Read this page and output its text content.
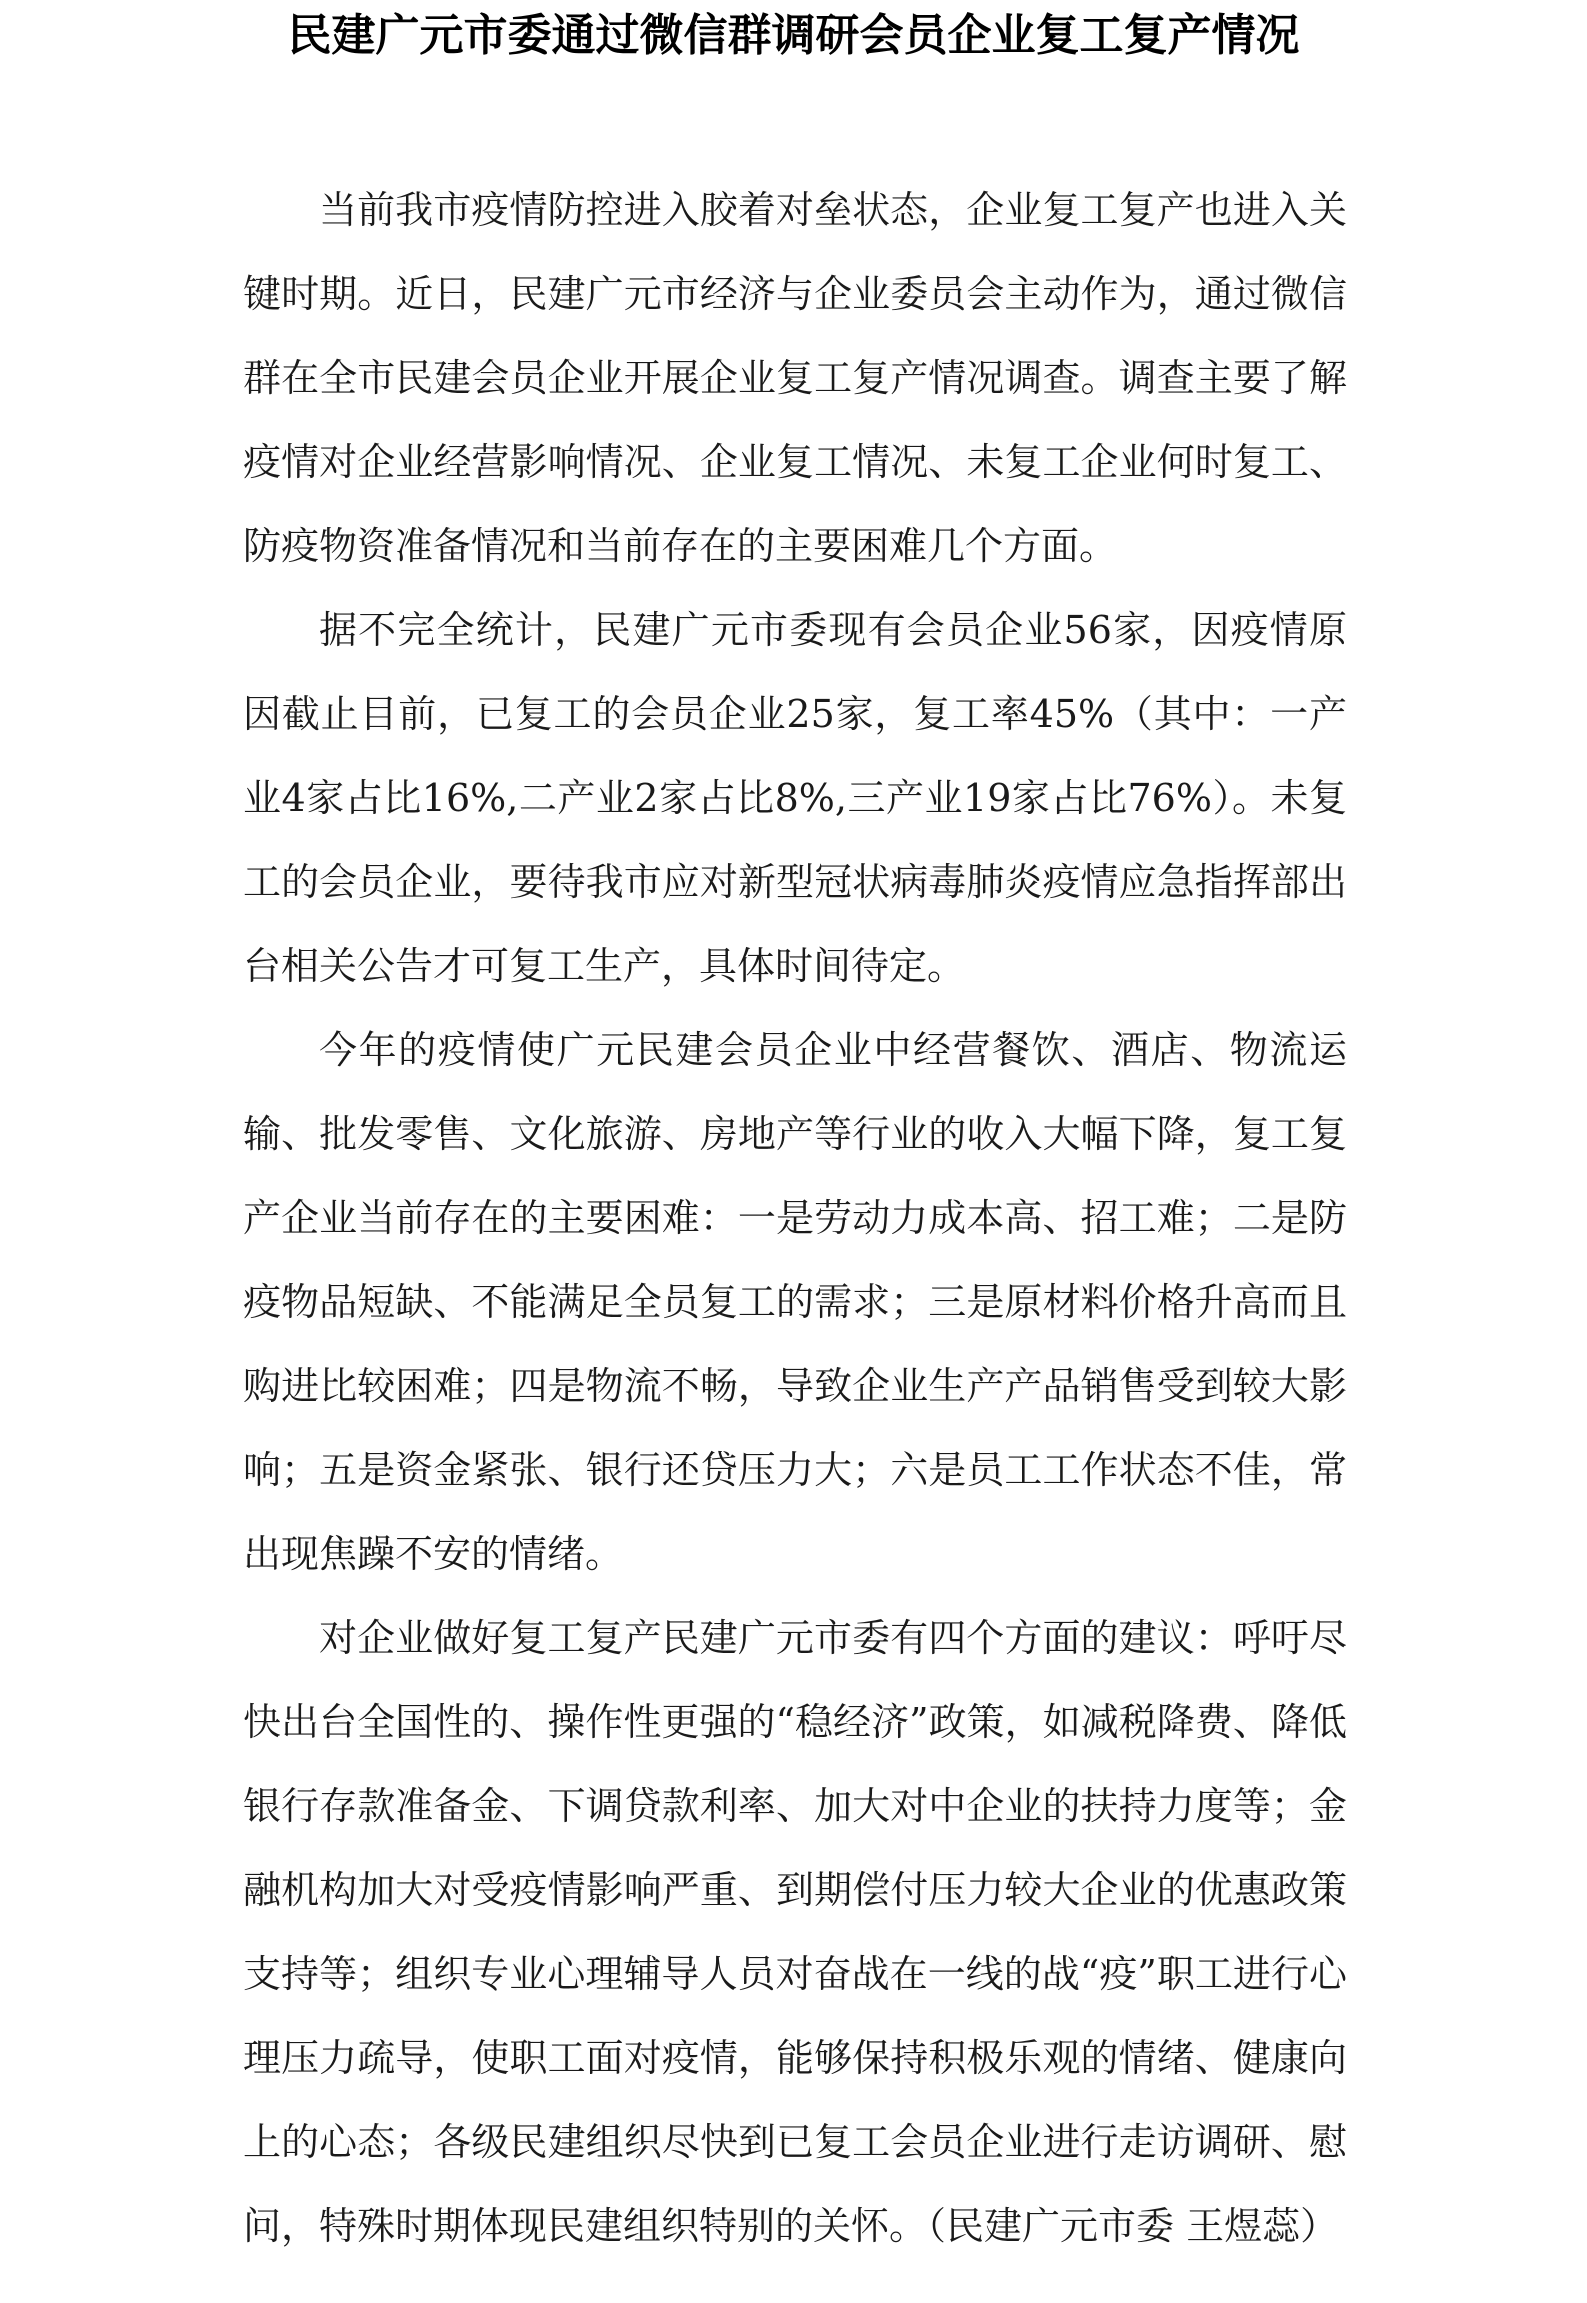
民建广元市委通过微信群调研会员企业复工复产情况

当前我市疫情防控进入胶着对垒状态，企业复工复产也进入关键时期。近日，民建广元市经济与企业委员会主动作为，通过微信群在全市民建会员企业开展企业复工复产情况调查。调查主要了解疫情对企业经营影响情况、企业复工情况、未复工企业何时复工、防疫物资准备情况和当前存在的主要困难几个方面。

据不完全统计，民建广元市委现有会员企业56家，因疫情原因截止目前，已复工的会员企业25家，复工率45%（其中：一产业4家占比16%,二产业2家占比8%,三产业19家占比76%）。未复工的会员企业，要待我市应对新型冠状病毒肺炎疫情应急指挥部出台相关公告才可复工生产，具体时间待定。

今年的疫情使广元民建会员企业中经营餐饮、酒店、物流运输、批发零售、文化旅游、房地产等行业的收入大幅下降，复工复产企业当前存在的主要困难：一是劳动力成本高、招工难；二是防疫物品短缺、不能满足全员复工的需求；三是原材料价格升高而且购进比较困难；四是物流不畅，导致企业生产产品销售受到较大影响；五是资金紧张、银行还贷压力大；六是员工工作状态不佳，常出现焦躁不安的情绪。

对企业做好复工复产民建广元市委有四个方面的建议：呼吁尽快出台全国性的、操作性更强的“稳经济”政策，如减税降费、降低银行存款准备金、下调贷款利率、加大对中企业的扶持力度等；金融机构加大对受疫情影响严重、到期偿付压力较大企业的优惠政策支持等；组织专业心理辅导人员对奋战在一线的战“疫”职工进行心理压力疏导，使职工面对疫情，能够保持积极乐观的情绪、健康向上的心态；各级民建组织尽快到已复工会员企业进行走访调研、慰问，特殊时期体现民建组织特别的关怀。（民建广元市委 王煜蕊）
